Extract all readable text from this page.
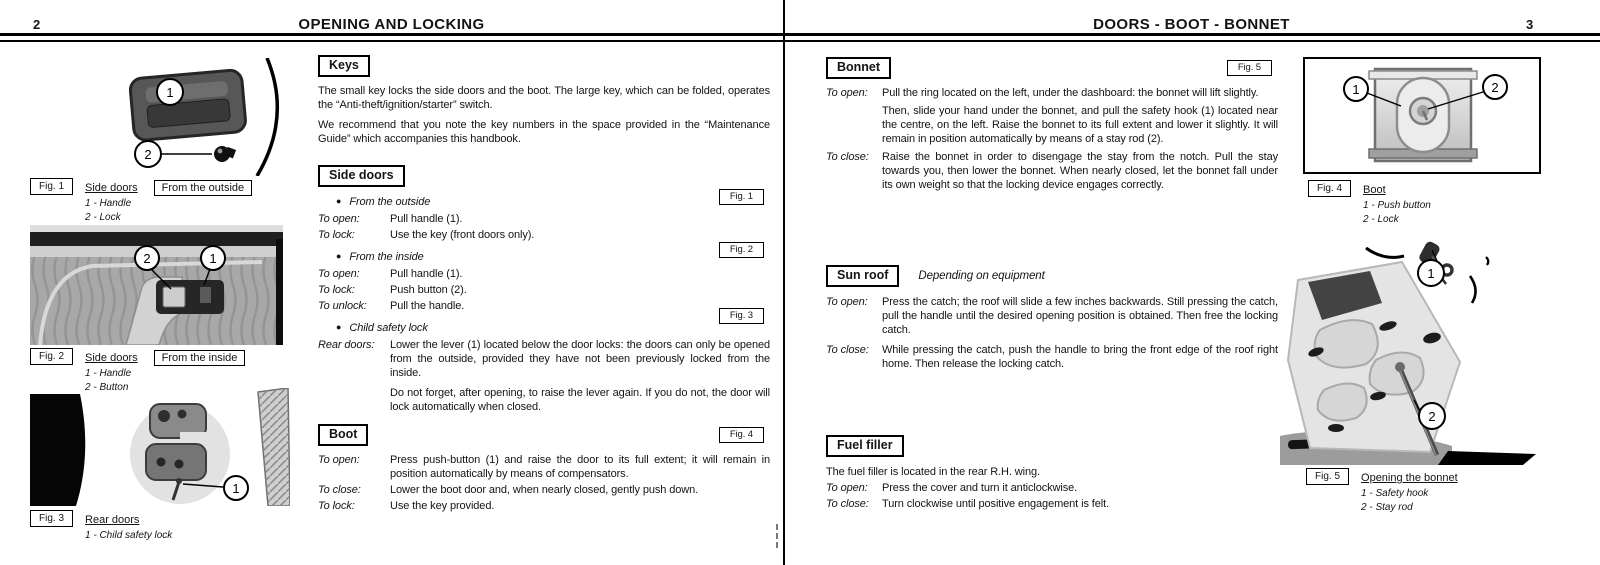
2	OPENING AND LOCKING	DOORS - BOOT - BONNET	3
1
2
Fig. 1	Side doors From the outside
1 - Handle
2 - Lock
2	1
Fig. 2	Side doors From the inside
1 - Handle
2 - Button
1
Fig. 3	Rear doors
1 - Child safety lock
Keys

The small key locks the side doors and the boot. The large key, which can be folded, operates the “Anti-theft/ignition/starter” switch.

We recommend that you note the key numbers in the space provided in the “Maintenance Guide” which accompanies this handbook.

Side doors
Fig. 1
● From the outside
To open:	Pull handle (1).
To lock:	Use the key (front doors only).
Fig. 2
● From the inside
To open:	Pull handle (1).
To lock:	Push button (2).
To unlock:	Pull the handle.
Fig. 3
● Child safety lock
Rear doors:	Lower the lever (1) located below the door locks: the doors can only be opened from the outside, provided they have not been previously locked from the inside.
Do not forget, after opening, to raise the lever again. If you do not, the door will lock automatically when closed.
Boot	Fig. 4
To open:	Press push-button (1) and raise the door to its full extent; it will remain in position automatically by means of compensators.
To close:	Lower the boot door and, when nearly closed, gently push down.
To lock:	Use the key provided.
Bonnet	Fig. 5
To open:	Pull the ring located on the left, under the dashboard: the bonnet will lift slightly.
Then, slide your hand under the bonnet, and pull the safety hook (1) located near the centre, on the left. Raise the bonnet to its full extent and lower it slightly. It will remain in position automatically by means of a stay rod (2).
To close:	Raise the bonnet in order to disengage the stay from the notch. Pull the stay towards you, then lower the bonnet. When nearly closed, let the bonnet fall under its own weight so that the locking device engages correctly.
Sun roof	Depending on equipment
To open:	Press the catch; the roof will slide a few inches backwards. Still pressing the catch, pull the handle until the desired opening position is obtained. Then free the locking catch.
To close:	While pressing the catch, push the handle to bring the front edge of the roof right home. Then release the locking catch.
Fuel filler

The fuel filler is located in the rear R.H. wing.

To open:	Press the cover and turn it anticlockwise.
To close:	Turn clockwise until positive engagement is felt.
1	2
Fig. 4	Boot
1 - Push button
2 - Lock
1
2
Fig. 5	Opening the bonnet
1 - Safety hook
2 - Stay rod
